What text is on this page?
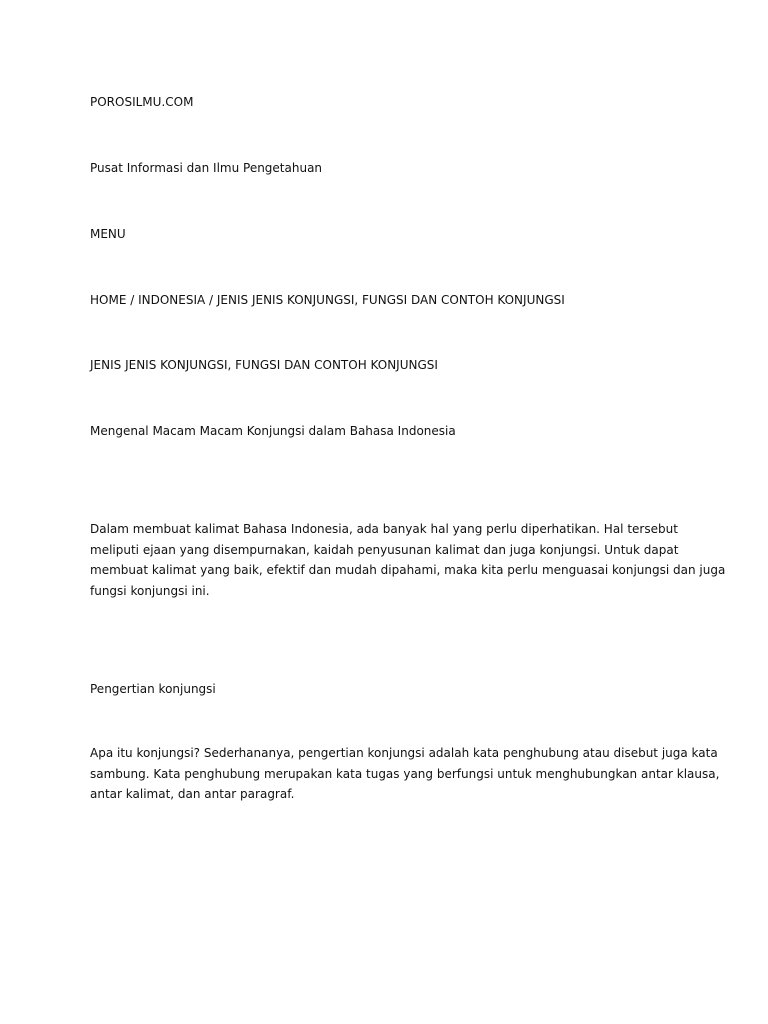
POROSILMU.COM
Pusat Informasi dan Ilmu Pengetahuan
MENU
HOME / INDONESIA / JENIS JENIS KONJUNGSI, FUNGSI DAN CONTOH KONJUNGSI
JENIS JENIS KONJUNGSI, FUNGSI DAN CONTOH KONJUNGSI
Mengenal Macam Macam Konjungsi dalam Bahasa Indonesia
Dalam membuat kalimat Bahasa Indonesia, ada banyak hal yang perlu diperhatikan. Hal tersebut
meliputi ejaan yang disempurnakan, kaidah penyusunan kalimat dan juga konjungsi. Untuk dapat
membuat kalimat yang baik, efektif dan mudah dipahami, maka kita perlu menguasai konjungsi dan juga
fungsi konjungsi ini.
Pengertian konjungsi
Apa itu konjungsi? Sederhananya, pengertian konjungsi adalah kata penghubung atau disebut juga kata
sambung. Kata penghubung merupakan kata tugas yang berfungsi untuk menghubungkan antar klausa,
antar kalimat, dan antar paragraf.
